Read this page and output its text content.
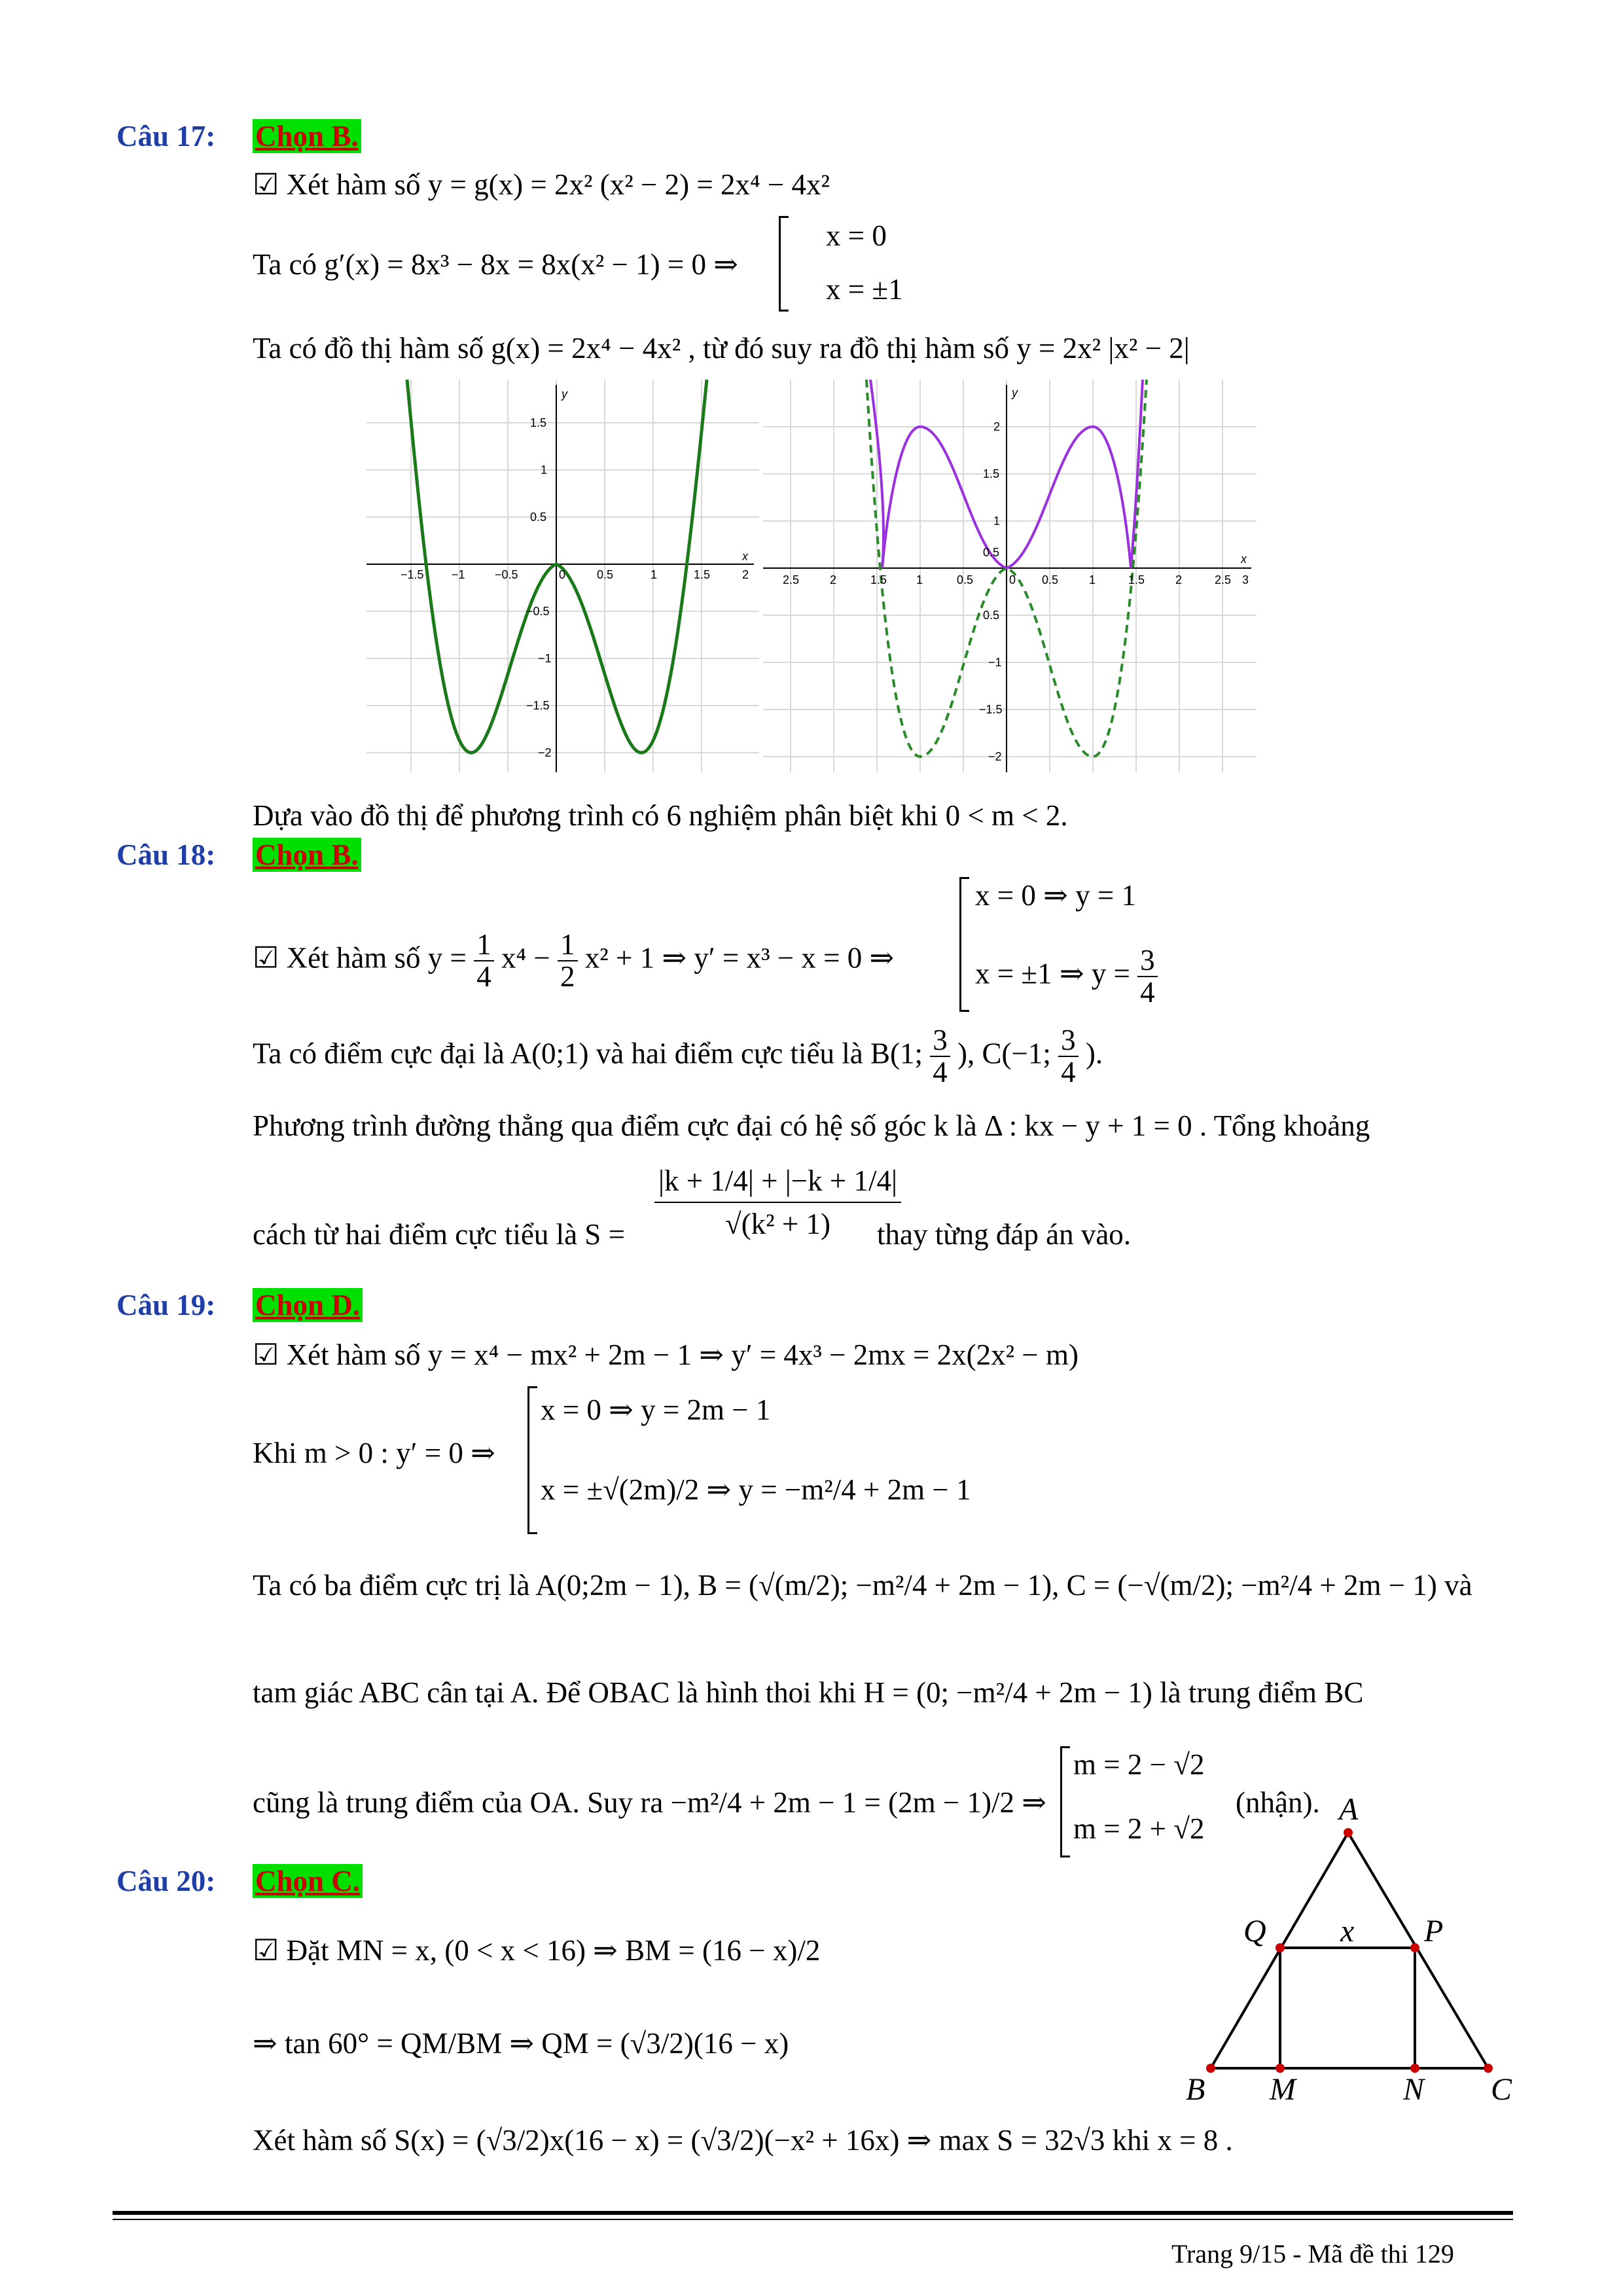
Câu 17: Chọn B.
☑ Xét hàm số y = g(x) = 2x² (x² − 2) = 2x⁴ − 4x²
Ta có g′(x) = 8x³ − 8x = 8x(x² − 1) = 0 ⇒
x = 0
x = ±1
Ta có đồ thị hàm số g(x) = 2x⁴ − 4x² , từ đó suy ra đồ thị hàm số y = 2x² |x² − 2|
−1.5 −1	−0.5	0	0.5	1	1.5	2
1.5
1
0.5
−0.5
−1
−1.5
−2
x
y
2.5	2	1.5 1	0.5	0 0.5	1	1.5	2	2.5 3
2
1.5
1
0.5
0.5
−1
−1.5
−2
x
y
Dựa vào đồ thị để phương trình có 6 nghiệm phân biệt khi 0 < m < 2.
Câu 18: Chọn B.
☑ Xét hàm số $y = \frac{1}{4} x^4 - \frac{1}{2} x^2 + 1$ ⇒ y′ = x³ − x = 0 ⇒
x = 0 ⇒ y = 1
x = ±1 ⇒ $y = \frac{3}{4}$
Ta có điểm cực đại là A(0;1) và hai điểm cực tiểu là B(1; $\frac{3}{4}$ ), C(−1; $\frac{3}{4}$ ).
Phương trình đường thẳng qua điểm cực đại có hệ số góc k là Δ : kx − y + 1 = 0 . Tổng khoảng
cách từ hai điểm cực tiểu là $S = \frac{|k + 1/4| + |-k + 1/4|}{\text{√(k² + 1)}}$
thay từng đáp án vào.
Câu 19: Chọn D.
☑ Xét hàm số y = x⁴ − mx² + 2m − 1 ⇒ y′ = 4x³ − 2mx = 2x(2x² − m)
Khi m > 0 : y′ = 0 ⇒
x = 0 ⇒ y = 2m − 1
x = ±√(2m)/2 ⇒ y = −m²/4 + 2m − 1
Ta có ba điểm cực trị là A(0;2m − 1), B = (√(m/2); −m²/4 + 2m − 1), C = (−√(m/2); −m²/4 + 2m − 1) và
tam giác ABC cân tại A. Để OBAC là hình thoi khi H = (0; −m²/4 + 2m − 1) là trung điểm BC
cũng là trung điểm của OA. Suy ra −m²/4 + 2m − 1 = (2m − 1)/2 ⇒
m = 2 − √2
m = 2 + √2
(nhận).
Câu 20: Chọn C.
☑ Đặt MN = x, (0 < x < 16) ⇒ BM = (16 − x)/2
⇒ tan 60° = QM/BM ⇒ QM = (√3/2)(16 − x)
Xét hàm số S(x) = (√3/2)x(16 − x) = (√3/2)(−x² + 16x) ⇒ max S = 32√3 khi x = 8 .
A
B	C
M	N
P
Q x
Trang 9/15 - Mã đề thi 129
